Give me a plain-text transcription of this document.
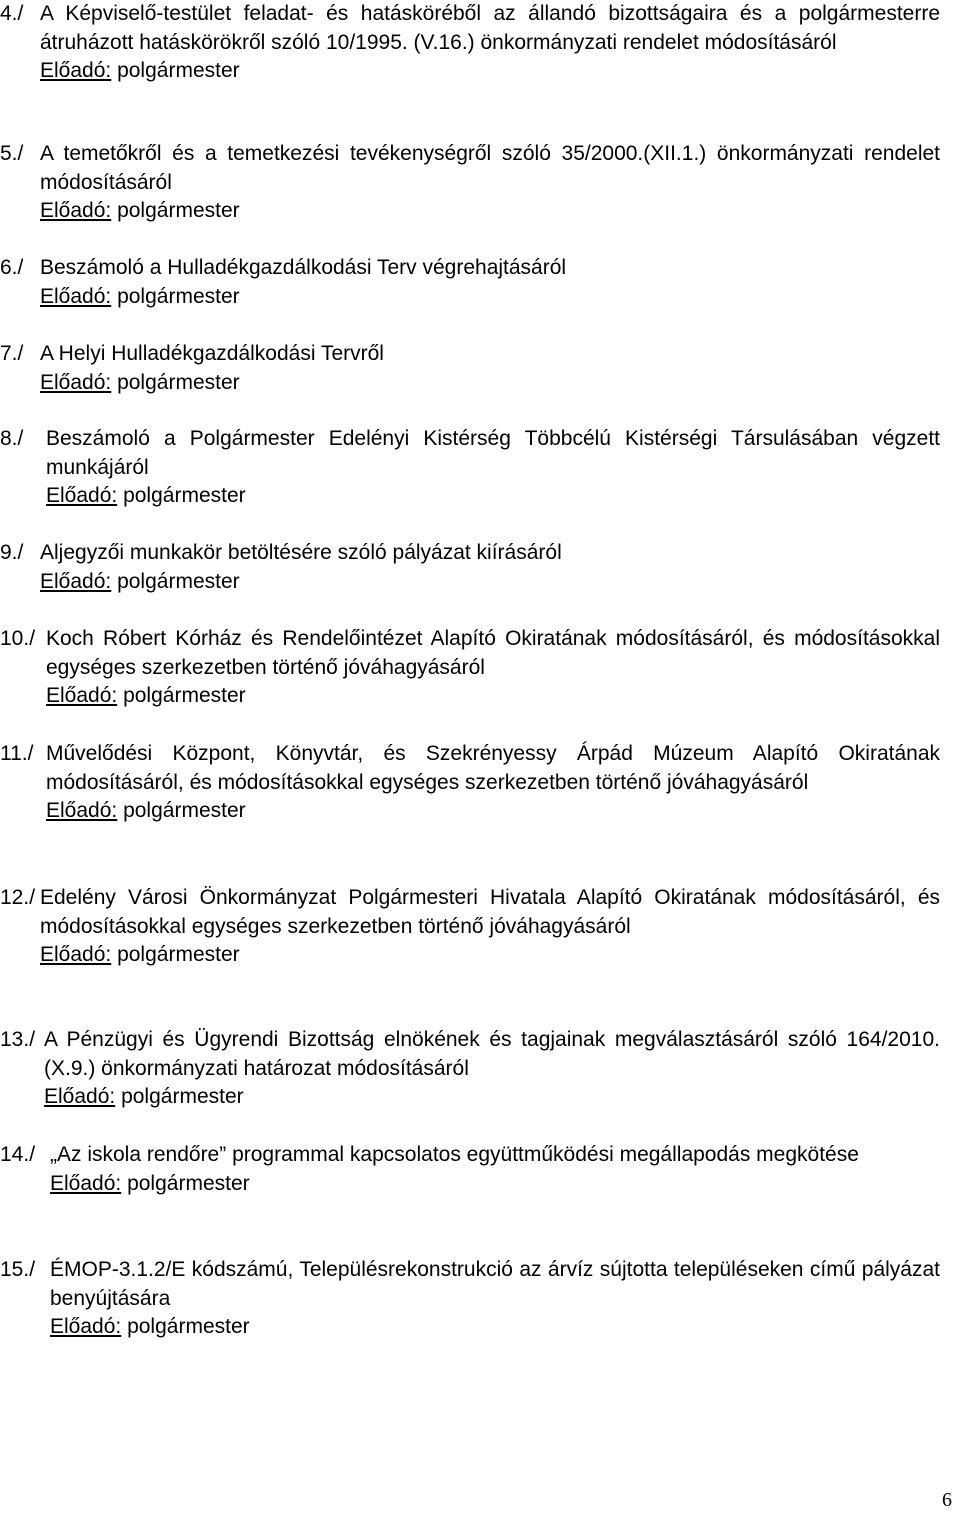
4./ A Képviselő-testület feladat- és hatásköréből az állandó bizottságaira és a polgármesterre átruházott hatáskörökről szóló 10/1995. (V.16.) önkormányzati rendelet módosításáról
Előadó: polgármester
5./ A temetőkről és a temetkezési tevékenységről szóló 35/2000.(XII.1.) önkormányzati rendelet módosításáról
Előadó: polgármester
6./ Beszámoló a Hulladékgazdálkodási Terv végrehajtásáról
Előadó: polgármester
7./ A Helyi Hulladékgazdálkodási Tervről
Előadó: polgármester
8./	Beszámoló a Polgármester Edelényi Kistérség Többcélú Kistérségi Társulásában végzett munkájáról
Előadó: polgármester
9./ Aljegyzői munkakör betöltésére szóló pályázat kiírásáról
Előadó: polgármester
10./ Koch Róbert Kórház és Rendelőintézet Alapító Okiratának módosításáról, és módosításokkal egységes szerkezetben történő jóváhagyásáról
Előadó: polgármester
11./ Művelődési Központ, Könyvtár, és Szekrényessy Árpád Múzeum Alapító Okiratának módosításáról, és módosításokkal egységes szerkezetben történő jóváhagyásáról
Előadó: polgármester
12./ Edelény Városi Önkormányzat Polgármesteri Hivatala Alapító Okiratának módosításáról, és módosításokkal egységes szerkezetben történő jóváhagyásáról
Előadó: polgármester
13./ A Pénzügyi és Ügyrendi Bizottság elnökének és tagjainak megválasztásáról szóló 164/2010.(X.9.) önkormányzati határozat módosításáról
Előadó: polgármester
14./ „Az iskola rendőre” programmal kapcsolatos együttműködési megállapodás megkötése
Előadó: polgármester
15./ ÉMOP-3.1.2/E kódszámú, Településrekonstrukció az árvíz sújtotta településeken című pályázat benyújtására
Előadó: polgármester
6
